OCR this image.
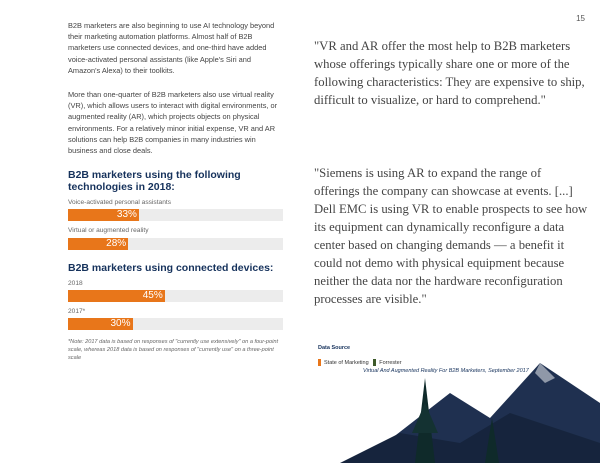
15

B2B marketers are also beginning to use AI technology beyond their marketing automation platforms. Almost half of B2B marketers use connected devices, and one-third have added voice-activated personal assistants (like Apple's Siri and Amazon's Alexa) to their toolkits.

More than one-quarter of B2B marketers also use virtual reality (VR), which allows users to interact with digital environments, or augmented reality (AR), which projects objects on physical environments. For a relatively minor initial expense, VR and AR solutions can help B2B companies in many industries win business and close deals.

B2B marketers using the following technologies in 2018:
Voice-activated personal assistants
33%
Virtual or augmented reality
28%
B2B marketers using connected devices:
2018
45%
2017*
30%
*Note: 2017 data is based on responses of "currently use extensively" on a four-point scale, whereas 2018 data is based on responses of "currently use" on a three-point scale
"VR and AR offer the most help to B2B marketers whose offerings typically share one or more of the following characteristics: They are expensive to ship, difficult to visualize, or hard to comprehend."
"Siemens is using AR to expand the range of offerings the company can showcase at events. [...] Dell EMC is using VR to enable prospects to see how its equipment can dynamically reconfigure a data center based on changing demands — a benefit it could not demo with physical equipment because neither the data nor the hardware reconfiguration processes are visible."
Data Source
State of Marketing Forrester
Virtual And Augmented Reality For B2B Marketers, September 2017
